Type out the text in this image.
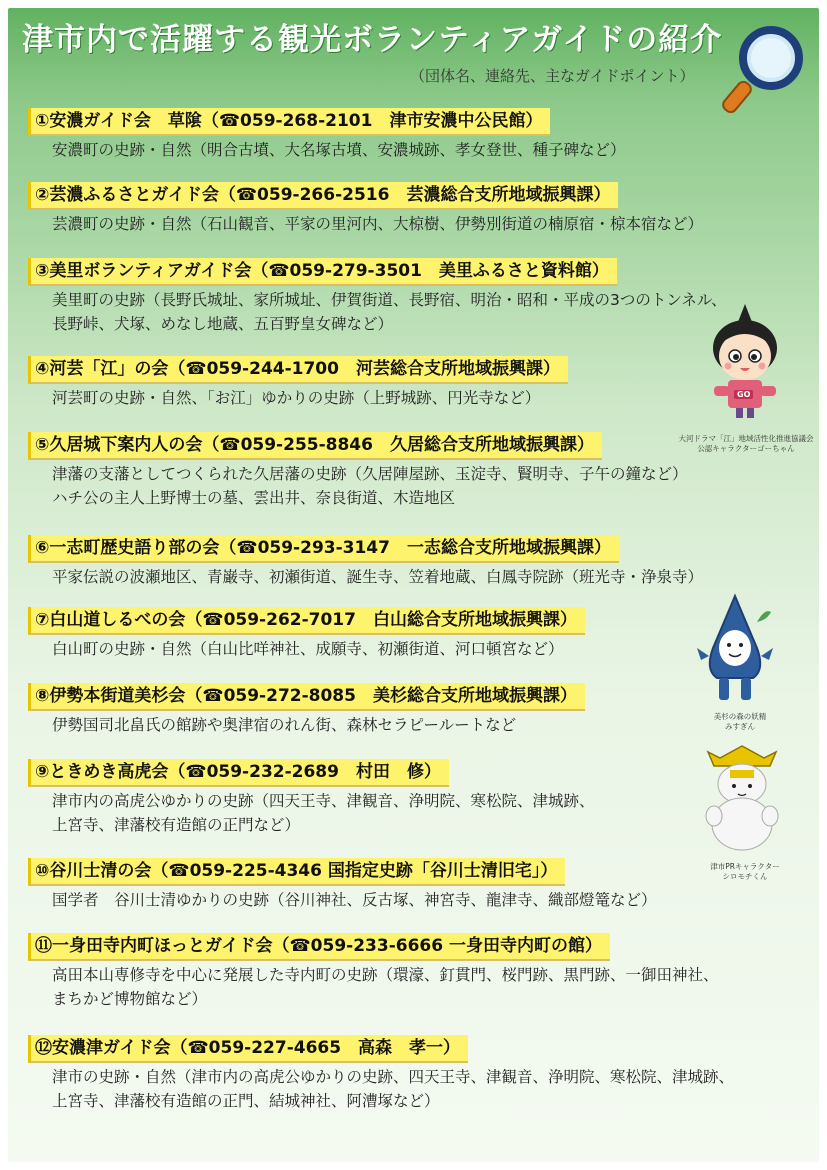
津市内で活躍する観光ボランティアガイドの紹介
（団体名、連絡先、主なガイドポイント）
①安濃ガイド会　草隂（☎059-268-2101　津市安濃中公民館）
安濃町の史跡・自然（明合古墳、大名塚古墳、安濃城跡、孝女登世、種子碑など）
②芸濃ふるさとガイド会（☎059-266-2516　芸濃総合支所地域振興課）
芸濃町の史跡・自然（石山観音、平家の里河内、大椋樹、伊勢別街道の楠原宿・椋本宿など）
③美里ボランティアガイド会（☎059-279-3501　美里ふるさと資料館）
美里町の史跡（長野氏城址、家所城址、伊賀街道、長野宿、明治・昭和・平成の3つのトンネル、
長野峠、犬塚、めなし地蔵、五百野皇女碑など）
④河芸「江」の会（☎059-244-1700　河芸総合支所地域振興課）
河芸町の史跡・自然、「お江」ゆかりの史跡（上野城跡、円光寺など）
⑤久居城下案内人の会（☎059-255-8846　久居総合支所地域振興課）
津藩の支藩としてつくられた久居藩の史跡（久居陣屋跡、玉淀寺、賢明寺、子午の鐘など）
ハチ公の主人上野博士の墓、雲出井、奈良街道、木造地区
⑥一志町歴史語り部の会（☎059-293-3147　一志総合支所地域振興課）
平家伝説の波瀬地区、青巌寺、初瀬街道、誕生寺、笠着地蔵、白鳳寺院跡（班光寺・浄泉寺）
⑦白山道しるべの会（☎059-262-7017　白山総合支所地域振興課）
白山町の史跡・自然（白山比咩神社、成願寺、初瀬街道、河口頓宮など）
⑧伊勢本街道美杉会（☎059-272-8085　美杉総合支所地域振興課）
伊勢国司北畠氏の館跡や奥津宿のれん街、森林セラピールートなど
⑨ときめき高虎会（☎059-232-2689　村田　修）
津市内の高虎公ゆかりの史跡（四天王寺、津観音、浄明院、寒松院、津城跡、
上宮寺、津藩校有造館の正門など）
⑩谷川士清の会（☎059-225-4346 国指定史跡「谷川士清旧宅」）
国学者　谷川士清ゆかりの史跡（谷川神社、反古塚、神宮寺、龍津寺、織部燈篭など）
⑪一身田寺内町ほっとガイド会（☎059-233-6666 一身田寺内町の館）
高田本山専修寺を中心に発展した寺内町の史跡（環濠、釘貫門、桜門跡、黒門跡、一御田神社、
まちかど博物館など）
⑫安濃津ガイド会（☎059-227-4665　高森　孝一）
津市の史跡・自然（津市内の高虎公ゆかりの史跡、四天王寺、津観音、浄明院、寒松院、津城跡、
上宮寺、津藩校有造館の正門、結城神社、阿漕塚など）
GO
大河ドラマ「江」地域活性化推進協議会
公認キャラクターゴーちゃん
美杉の森の妖精
みすぎん
津市PRキャラクター
シロモチくん
